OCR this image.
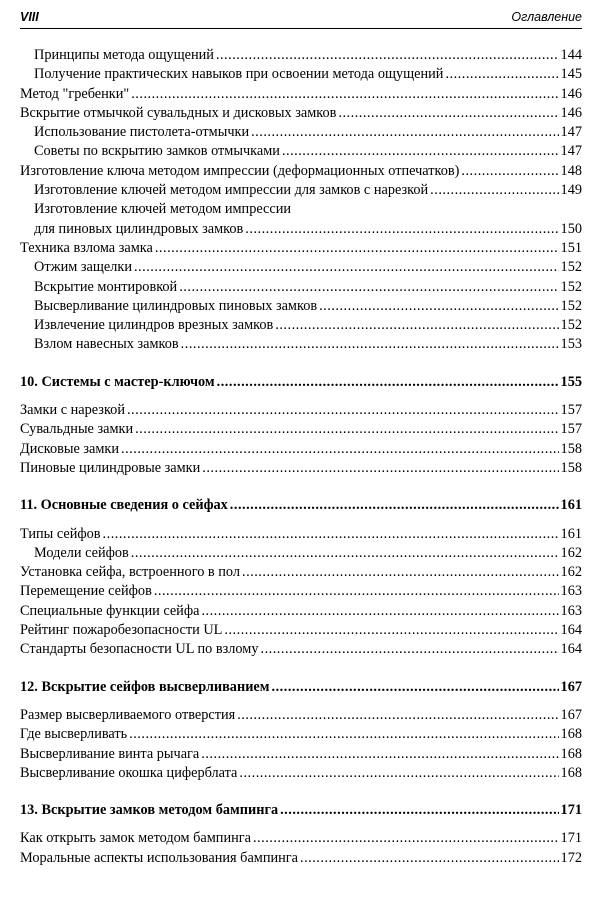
VIII	Оглавление
Принципы метода ощущений .....	144
Получение практических навыков при освоении метода ощущений .....	145
Метод "гребенки" .....	146
Вскрытие отмычкой сувальдных и дисковых замков .....	146
Использование пистолета-отмычки .....	147
Советы по вскрытию замков отмычками .....	147
Изготовление ключа методом импрессии (деформационных отпечатков) .....	148
Изготовление ключей методом импрессии для замков с нарезкой .....	149
Изготовление ключей методом импрессии
для пиновых цилиндровых замков .....	150
Техника взлома замка .....	151
Отжим защелки .....	152
Вскрытие монтировкой .....	152
Высверливание цилиндровых пиновых замков .....	152
Извлечение цилиндров врезных замков .....	152
Взлом навесных замков .....	153
10. Системы с мастер-ключом .....	155
Замки с нарезкой .....	157
Сувальдные замки .....	157
Дисковые замки .....	158
Пиновые цилиндровые замки .....	158
11. Основные сведения о сейфах .....	161
Типы сейфов .....	161
Модели сейфов .....	162
Установка сейфа, встроенного в пол .....	162
Перемещение сейфов .....	163
Специальные функции сейфа .....	163
Рейтинг пожаробезопасности UL .....	164
Стандарты безопасности UL по взлому .....	164
12. Вскрытие сейфов высверливанием .....	167
Размер высверливаемого отверстия .....	167
Где высверливать .....	168
Высверливание винта рычага .....	168
Высверливание окошка циферблата .....	168
13. Вскрытие замков методом бампинга .....	171
Как открыть замок методом бампинга .....	171
Моральные аспекты использования бампинга .....	172
